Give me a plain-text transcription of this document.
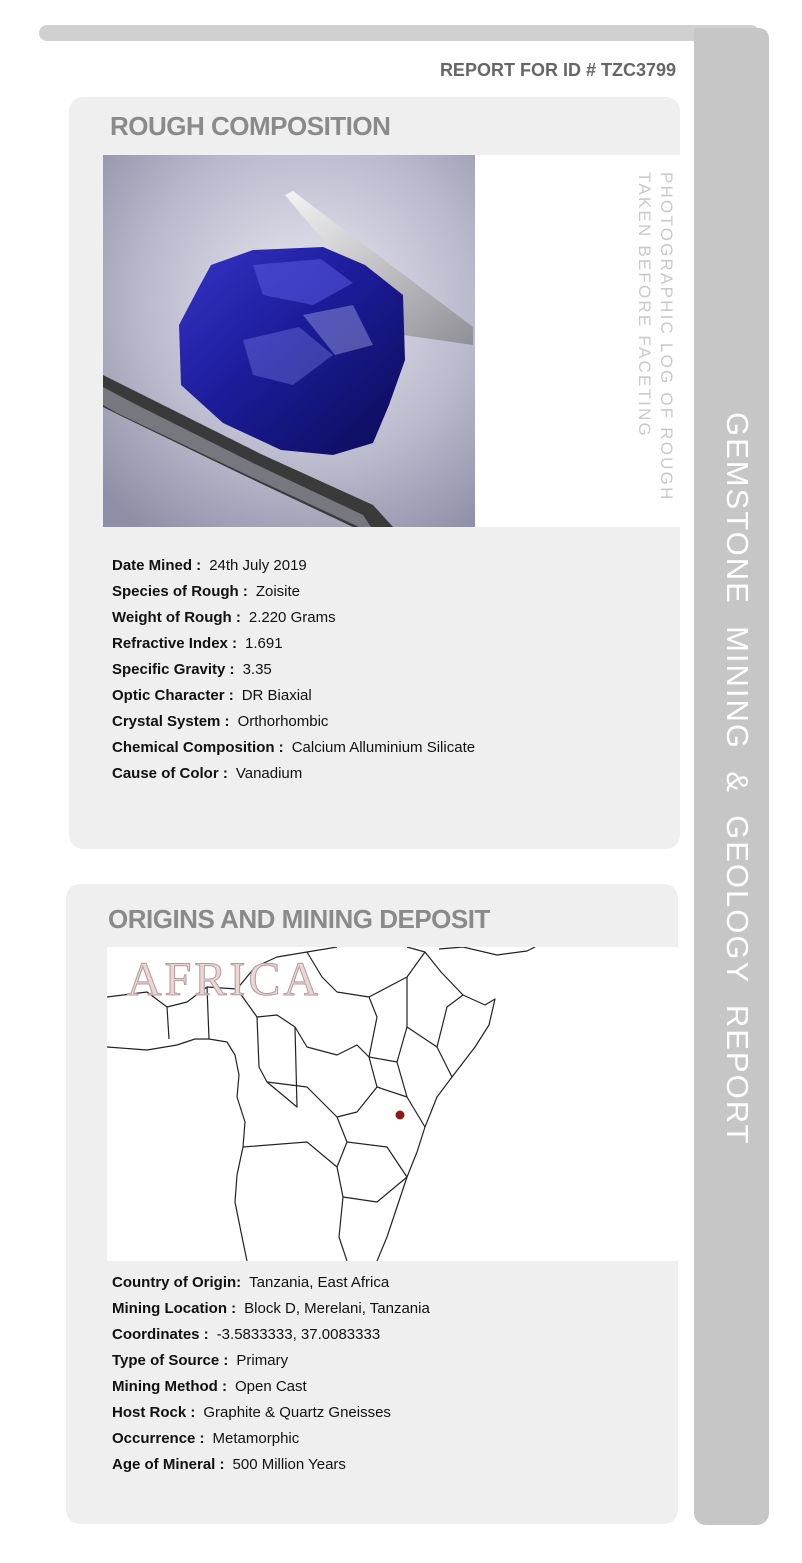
GEMSTONE  MINING  &  GEOLOGY  REPORT
REPORT FOR ID # TZC3799
ROUGH COMPOSITION
PHOTOGRAPHIC LOG OF ROUGH
TAKEN BEFORE FACETING
Date Mined : 24th July 2019
Species of Rough : Zoisite
Weight of Rough : 2.220 Grams
Refractive Index : 1.691
Specific Gravity : 3.35
Optic Character : DR Biaxial
Crystal System : Orthorhombic
Chemical Composition : Calcium Alluminium Silicate
Cause of Color : Vanadium
ORIGINS AND MINING DEPOSIT
AFRICA
Country of Origin: Tanzania, East Africa
Mining Location : Block D, Merelani, Tanzania
Coordinates : -3.5833333, 37.0083333
Type of Source : Primary
Mining Method : Open Cast
Host Rock : Graphite & Quartz Gneisses
Occurrence : Metamorphic
Age of Mineral : 500 Million Years
